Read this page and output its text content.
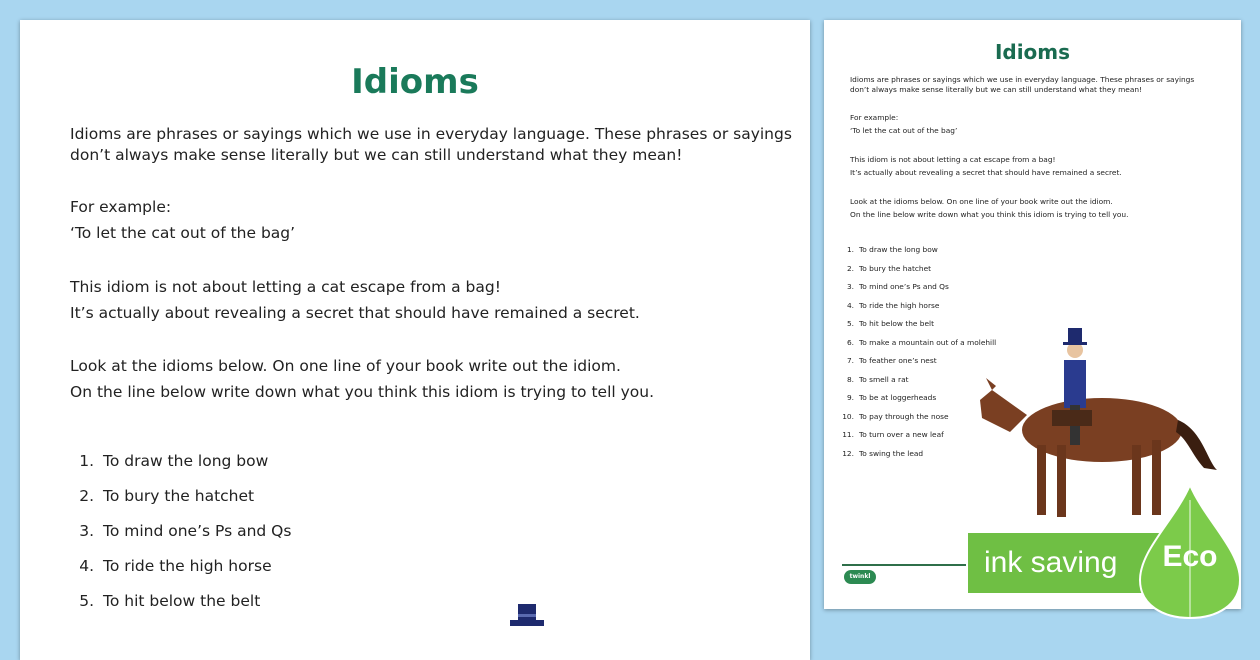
Idioms
Idioms are phrases or sayings which we use in everyday language. These phrases or sayings
don’t always make sense literally but we can still understand what they mean!
For example:
‘To let the cat out of the bag’
This idiom is not about letting a cat escape from a bag!
It’s actually about revealing a secret that should have remained a secret.
Look at the idioms below. On one line of your book write out the idiom.
On the line below write down what you think this idiom is trying to tell you.
1. To draw the long bow
2. To bury the hatchet
3. To mind one’s Ps and Qs
4. To ride the high horse
5. To hit below the belt
Idioms
Idioms are phrases or sayings which we use in everyday language. These phrases or sayings
don’t always make sense literally but we can still understand what they mean!
For example:
‘To let the cat out of the bag’
This idiom is not about letting a cat escape from a bag!
It’s actually about revealing a secret that should have remained a secret.
Look at the idioms below. On one line of your book write out the idiom.
On the line below write down what you think this idiom is trying to tell you.
1. To draw the long bow
2. To bury the hatchet
3. To mind one’s Ps and Qs
4. To ride the high horse
5. To hit below the belt
6. To make a mountain out of a molehill
7. To feather one’s nest
8. To smell a rat
9. To be at loggerheads
10. To pay through the nose
11. To turn over a new leaf
12. To swing the lead
twinkl	ink saving	Eco
